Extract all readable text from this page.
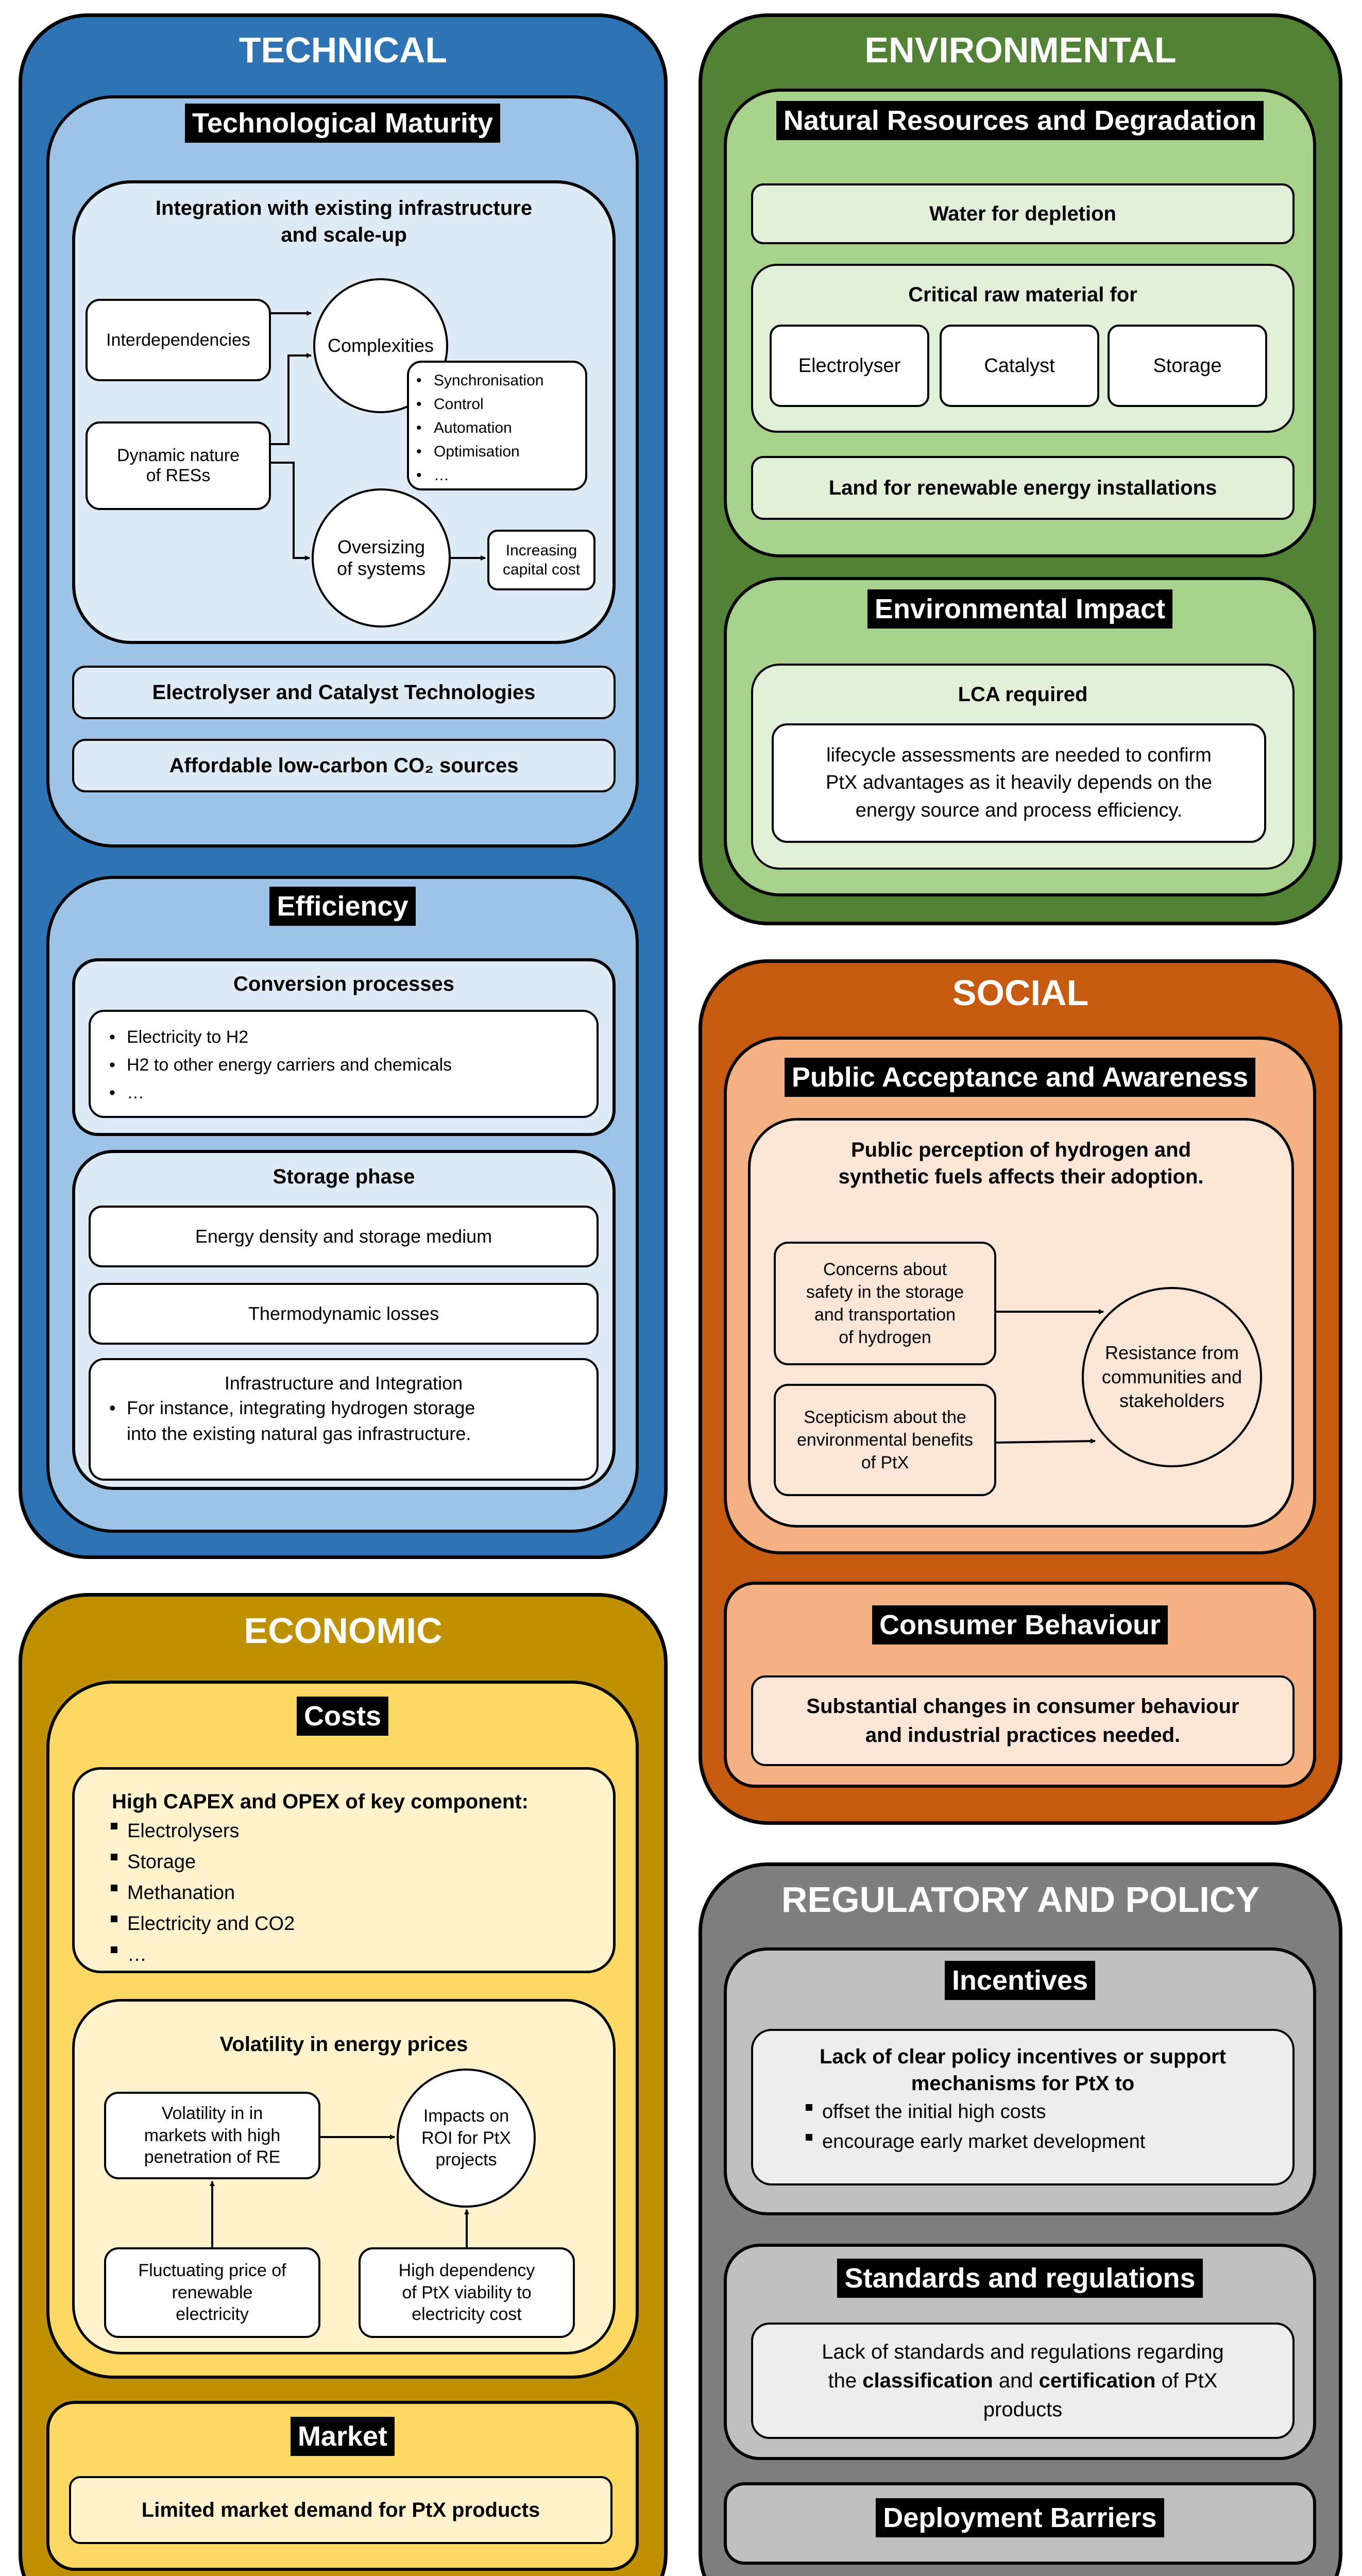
TECHNICAL
Technological Maturity
Integration with existing infrastructure
and scale-up
Interdependencies
Dynamic nature
of RESs
Complexities
• Synchronisation
• Control
• Automation
• Optimisation
• …
Oversizing
of systems
Increasing
capital cost
Electrolyser and Catalyst Technologies
Affordable low-carbon CO₂ sources
Efficiency
Conversion processes
• Electricity to H2
• H2 to other energy carriers and chemicals
• …
Storage phase
Energy density and storage medium
Thermodynamic losses
Infrastructure and Integration
• For instance, integrating hydrogen storage
into the existing natural gas infrastructure.
ENVIRONMENTAL
Natural Resources and Degradation
Water for depletion
Critical raw material for
Electrolyser	Catalyst	Storage
Land for renewable energy installations
Environmental Impact
LCA required
lifecycle assessments are needed to confirm
PtX advantages as it heavily depends on the
energy source and process efficiency.
SOCIAL
Public Acceptance and Awareness
Public perception of hydrogen and
synthetic fuels affects their adoption.
Concerns about
safety in the storage
and transportation
of hydrogen
Scepticism about the
environmental benefits
of PtX
Resistance from
communities and
stakeholders
Consumer Behaviour
Substantial changes in consumer behaviour
and industrial practices needed.
ECONOMIC
Costs
High CAPEX and OPEX of key component:
Electrolysers
Storage
Methanation
Electricity and CO2
…
Volatility in energy prices
Volatility in in
markets with high
penetration of RE
Impacts on
ROI for PtX
projects
Fluctuating price of
renewable
electricity
High dependency
of PtX viability to
electricity cost
Market
Limited market demand for PtX products
REGULATORY AND POLICY
Incentives
Lack of clear policy incentives or support
mechanisms for PtX to
offset the initial high costs
encourage early market development
Standards and regulations
Lack of standards and regulations regarding
the classification and certification of PtX
products
Deployment Barriers
